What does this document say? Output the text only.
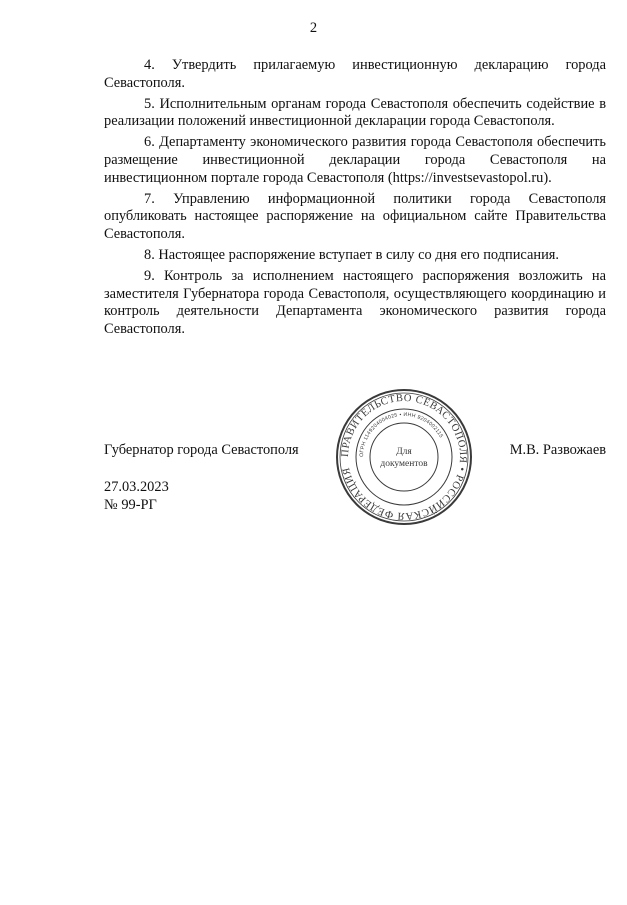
2

4. Утвердить прилагаемую инвестиционную декларацию города Севастополя.

5. Исполнительным органам города Севастополя обеспечить содействие в реализации положений инвестиционной декларации города Севастополя.

6. Департаменту экономического развития города Севастополя обеспечить размещение инвестиционной декларации города Севастополя на инвестиционном портале города Севастополя (https://investsevastopol.ru).

7. Управлению информационной политики города Севастополя опубликовать настоящее распоряжение на официальном сайте Правительства Севастополя.

8. Настоящее распоряжение вступает в силу со дня его подписания.

9. Контроль за исполнением настоящего распоряжения возложить на заместителя Губернатора города Севастополя, осуществляющего координацию и контроль деятельности Департамента экономического развития города Севастополя.

Губернатор города Севастополя	М.В. Развожаев
ПРАВИТЕЛЬСТВО СЕВАСТОПОЛЯ • РОССИЙСКАЯ ФЕДЕРАЦИЯ
ОГРН 1149204004025 • ИНН 9204002115
Для
документов
27.03.2023
№ 99-РГ
